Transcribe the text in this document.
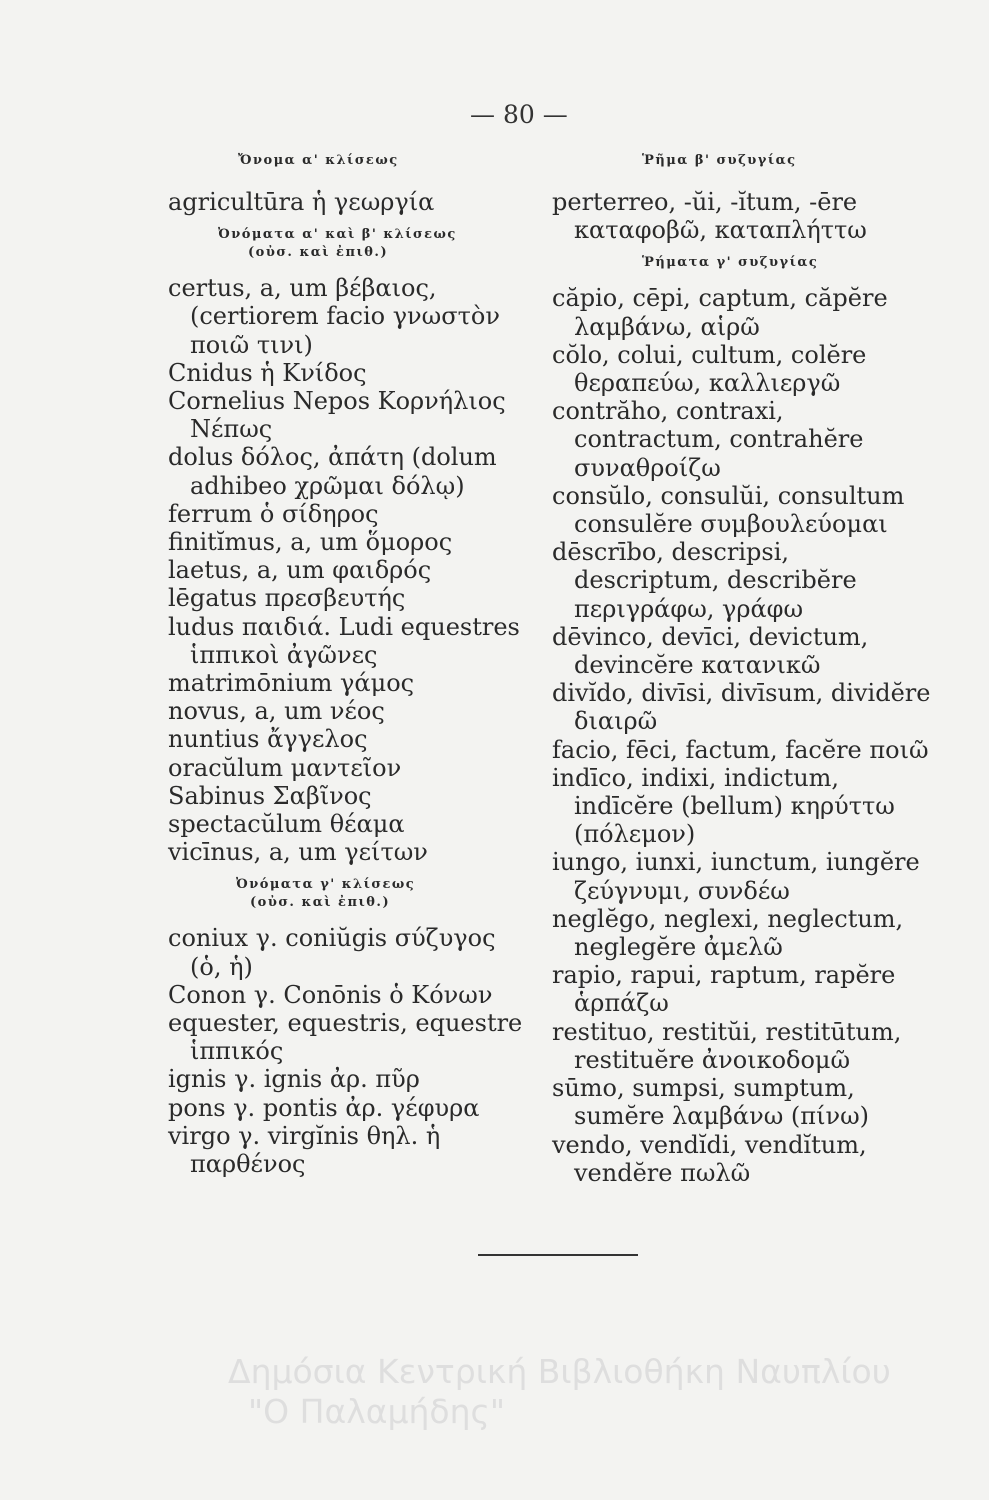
— 80 —
Ὄνομα α' κλίσεως
agricultūra ἡ γεωργία
Ὀνόματα α' καὶ β' κλίσεως
(οὐσ. καὶ ἐπιθ.)
certus, a, um βέβαιος, (certiorem facio γνωστὸν ποιῶ τινι)
Cnidus ἡ Κνίδος
Cornelius Nepos Κορνήλιος Νέπως
dolus δόλος, ἀπάτη (dolum adhibeo χρῶμαι δόλῳ)
ferrum ὁ σίδηρος
finitĭmus, a, um ὅμορος
laetus, a, um φαιδρός
lēgatus πρεσβευτής
ludus παιδιά. Ludi equestres ἱππικοὶ ἀγῶνες
matrimōnium γάμος
novus, a, um νέος
nuntius ἄγγελος
oracŭlum μαντεῖον
Sabinus Σαβῖνος
spectacŭlum θέαμα
vicīnus, a, um γείτων
Ὀνόματα γ' κλίσεως
(οὐσ. καὶ ἐπιθ.)
coniux γ. coniŭgis σύζυγος (ὁ, ἡ)
Conon γ. Conōnis ὁ Κόνων
equester, equestris, equestre ἱππικός
ignis γ. ignis ἀρ. πῦρ
pons γ. pontis ἀρ. γέφυρα
virgo γ. virgĭnis θηλ. ἡ παρθένος
Ῥῆμα β' συζυγίας
perterreo, -ŭi, -ĭtum, -ēre καταφοβῶ, καταπλήττω
Ῥήματα γ' συζυγίας
căpio, cēpi, captum, căpĕre λαμβάνω, αἱρῶ
cŏlo, colui, cultum, colĕre θεραπεύω, καλλιεργῶ
contrăho, contraxi, contractum, contrahĕre συναθροίζω
consŭlo, consulŭi, consultum consulĕre συμβουλεύομαι
dēscrībo, descripsi, descriptum, describĕre περιγράφω, γράφω
dēvinco, devīci, devictum, devincĕre κατανικῶ
divĭdo, divīsi, divīsum, dividĕre διαιρῶ
facio, fēci, factum, facĕre ποιῶ
indīco, indixi, indictum, indīcĕre (bellum) κηρύττω (πόλεμον)
iungo, iunxi, iunctum, iungĕre ζεύγνυμι, συνδέω
neglĕgo, neglexi, neglectum, neglegĕre ἀμελῶ
rapio, rapui, raptum, rapĕre ἁρπάζω
restituo, restitŭi, restitūtum, restituĕre ἀνοικοδομῶ
sūmo, sumpsi, sumptum, sumĕre λαμβάνω (πίνω)
vendo, vendĭdi, vendĭtum, vendĕre πωλῶ
Δημόσια Κεντρική Βιβλιοθήκη Ναυπλίου
"Ο Παλαμήδης"
